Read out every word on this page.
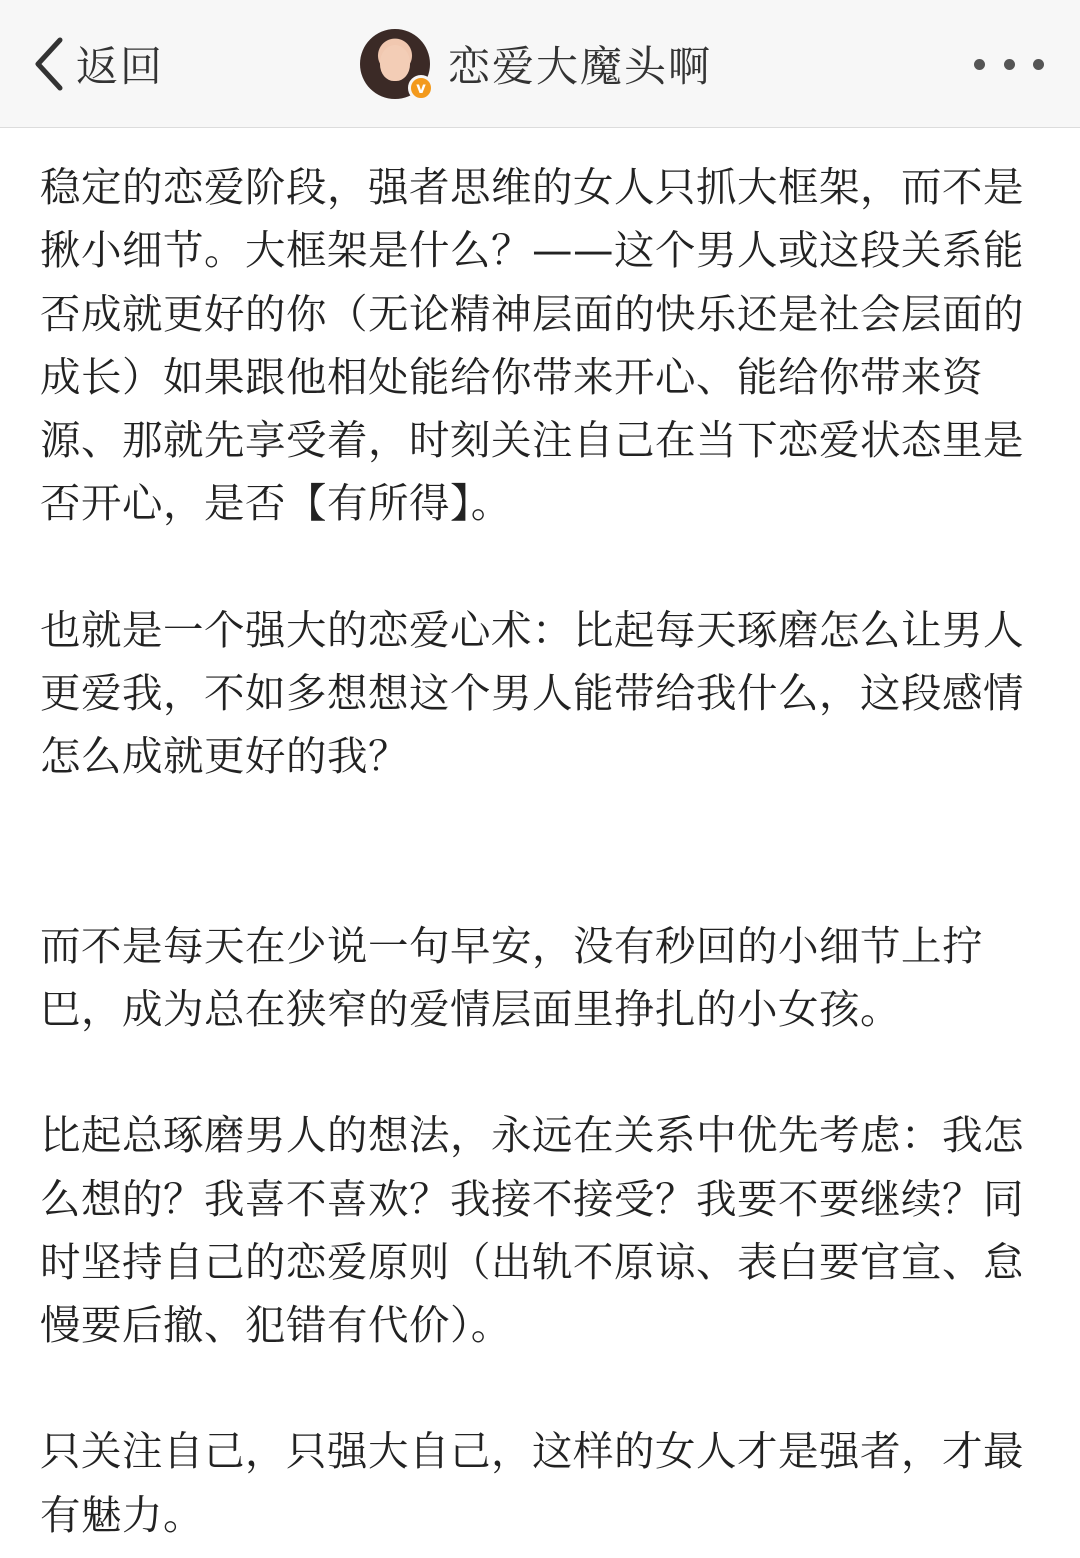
返回	v 恋爱大魔头啊

稳定的恋爱阶段，强者思维的女人只抓大框架，而不是揪小细节。大框架是什么？——这个男人或这段关系能否成就更好的你（无论精神层面的快乐还是社会层面的成长）如果跟他相处能给你带来开心、能给你带来资源、那就先享受着，时刻关注自己在当下恋爱状态里是否开心，是否【有所得】。

也就是一个强大的恋爱心术：比起每天琢磨怎么让男人更爱我，不如多想想这个男人能带给我什么，这段感情怎么成就更好的我？

而不是每天在少说一句早安，没有秒回的小细节上拧巴，成为总在狭窄的爱情层面里挣扎的小女孩。

比起总琢磨男人的想法，永远在关系中优先考虑：我怎么想的？我喜不喜欢？我接不接受？我要不要继续？同时坚持自己的恋爱原则（出轨不原谅、表白要官宣、怠慢要后撤、犯错有代价）。

只关注自己，只强大自己，这样的女人才是强者，才最有魅力。
